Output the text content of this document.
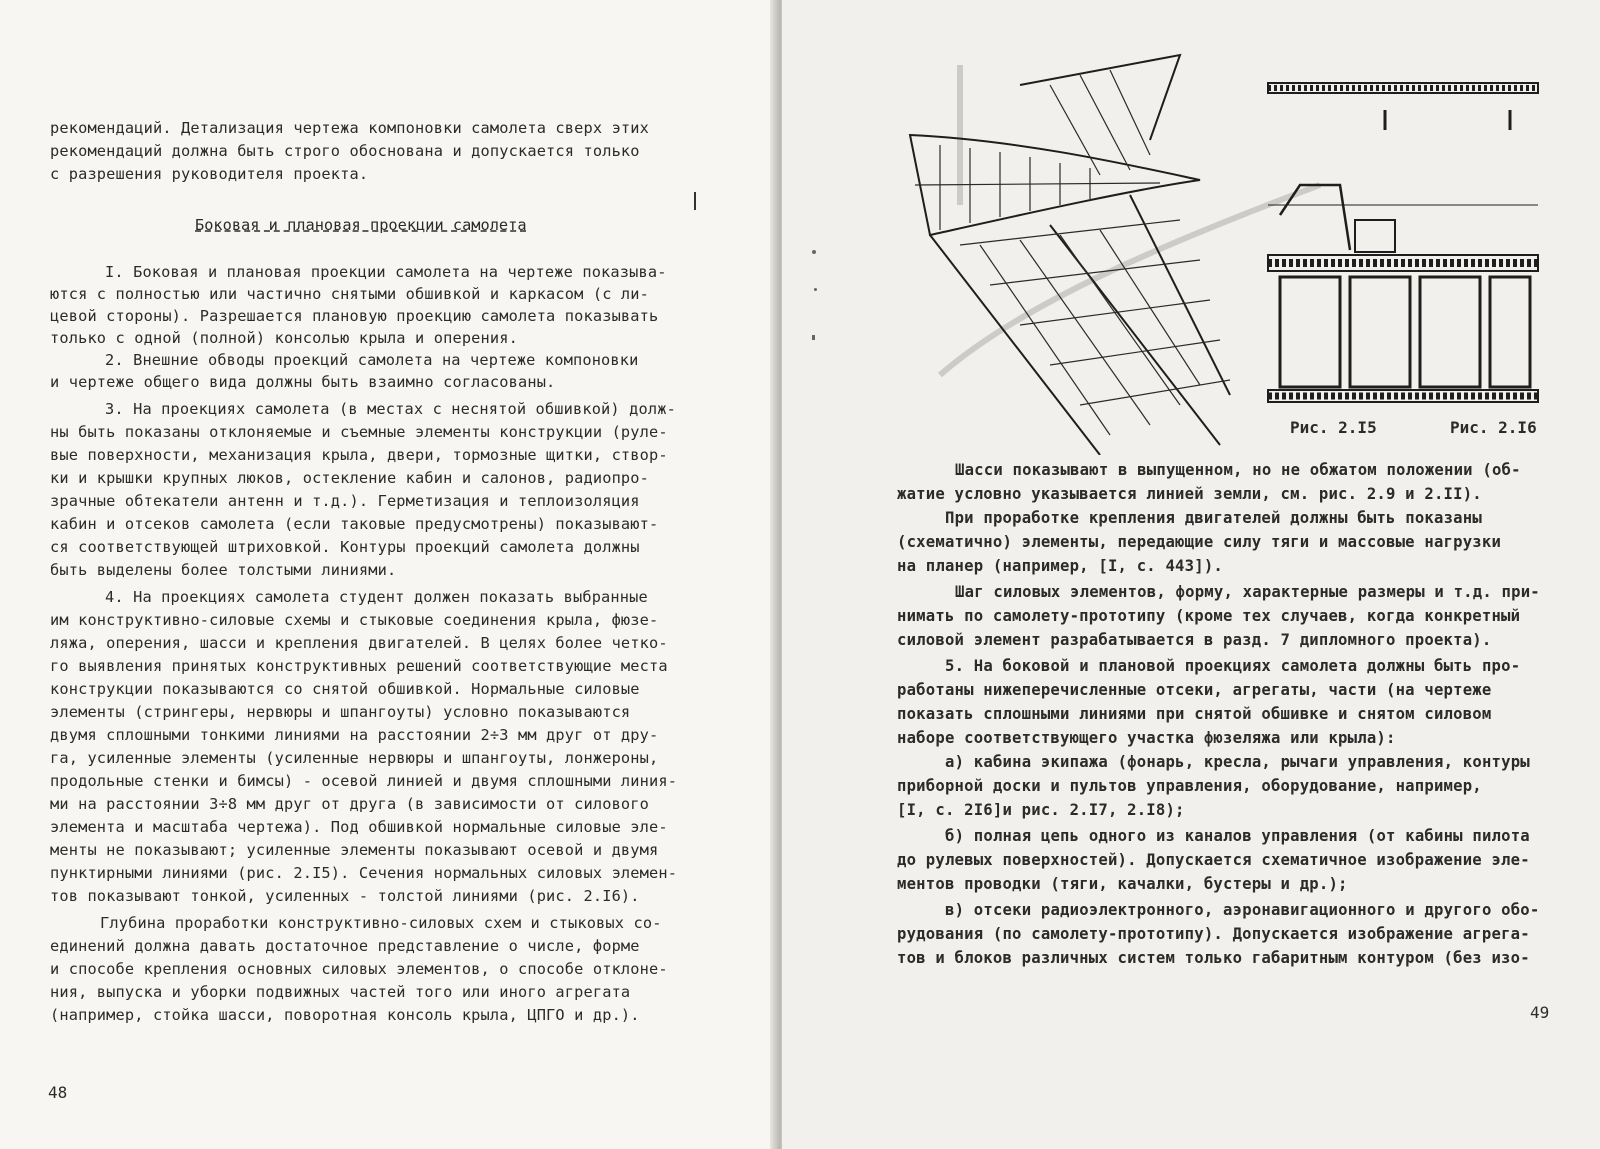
рекомендаций. Детализация чертежа компоновки самолета сверх этих
рекомендаций должна быть строго обоснована и допускается только
с разрешения руководителя проекта.
Боковая и плановая проекции самолета
I. Боковая и плановая проекции самолета на чертеже показыва-
ются с полностью или частично снятыми обшивкой и каркасом (с ли-
цевой стороны). Разрешается плановую проекцию самолета показывать
только с одной (полной) консолью крыла и оперения.
2. Внешние обводы проекций самолета на чертеже компоновки
и чертеже общего вида должны быть взаимно согласованы.
3. На проекциях самолета (в местах с неснятой обшивкой) долж-
ны быть показаны отклоняемые и съемные элементы конструкции (руле-
вые поверхности, механизация крыла, двери, тормозные щитки, створ-
ки и крышки крупных люков, остекление кабин и салонов, радиопро-
зрачные обтекатели антенн и т.д.). Герметизация и теплоизоляция
кабин и отсеков самолета (если таковые предусмотрены) показывают-
ся соответствующей штриховкой. Контуры проекций самолета должны
быть выделены более толстыми линиями.
4. На проекциях самолета студент должен показать выбранные
им конструктивно-силовые схемы и стыковые соединения крыла, фюзе-
ляжа, оперения, шасси и крепления двигателей. В целях более четко-
го выявления принятых конструктивных решений соответствующие места
конструкции показываются со снятой обшивкой. Нормальные силовые
элементы (стрингеры, нервюры и шпангоуты) условно показываются
двумя сплошными тонкими линиями на расстоянии 2÷3 мм друг от дру-
га, усиленные элементы (усиленные нервюры и шпангоуты, лонжероны,
продольные стенки и бимсы) - осевой линией и двумя сплошными линия-
ми на расстоянии 3÷8 мм друг от друга (в зависимости от силового
элемента и масштаба чертежа). Под обшивкой нормальные силовые эле-
менты не показывают; усиленные элементы показывают осевой и двумя
пунктирными линиями (рис. 2.I5). Сечения нормальных силовых элемен-
тов показывают тонкой, усиленных - толстой линиями (рис. 2.I6).
Глубина проработки конструктивно-силовых схем и стыковых со-
единений должна давать достаточное представление о числе, форме
и способе крепления основных силовых элементов, о способе отклоне-
ния, выпуска и уборки подвижных частей того или иного агрегата
(например, стойка шасси, поворотная консоль крыла, ЦПГО и др.).
48
Рис. 2.I5	Рис. 2.I6
Шасси показывают в выпущенном, но не обжатом положении (об-
жатие условно указывается линией земли, см. рис. 2.9 и 2.II).
При проработке крепления двигателей должны быть показаны
(схематично) элементы, передающие силу тяги и массовые нагрузки
на планер (например, [I, с. 443]).
Шаг силовых элементов, форму, характерные размеры и т.д. при-
нимать по самолету-прототипу (кроме тех случаев, когда конкретный
силовой элемент разрабатывается в разд. 7 дипломного проекта).
5. На боковой и плановой проекциях самолета должны быть про-
работаны нижеперечисленные отсеки, агрегаты, части (на чертеже
показать сплошными линиями при снятой обшивке и снятом силовом
наборе соответствующего участка фюзеляжа или крыла):
а) кабина экипажа (фонарь, кресла, рычаги управления, контуры
приборной доски и пультов управления, оборудование, например,
[I, с. 2I6]и рис. 2.I7, 2.I8);
б) полная цепь одного из каналов управления (от кабины пилота
до рулевых поверхностей). Допускается схематичное изображение эле-
ментов проводки (тяги, качалки, бустеры и др.);
в) отсеки радиоэлектронного, аэронавигационного и другого обо-
рудования (по самолету-прототипу). Допускается изображение агрега-
тов и блоков различных систем только габаритным контуром (без изо-
49
